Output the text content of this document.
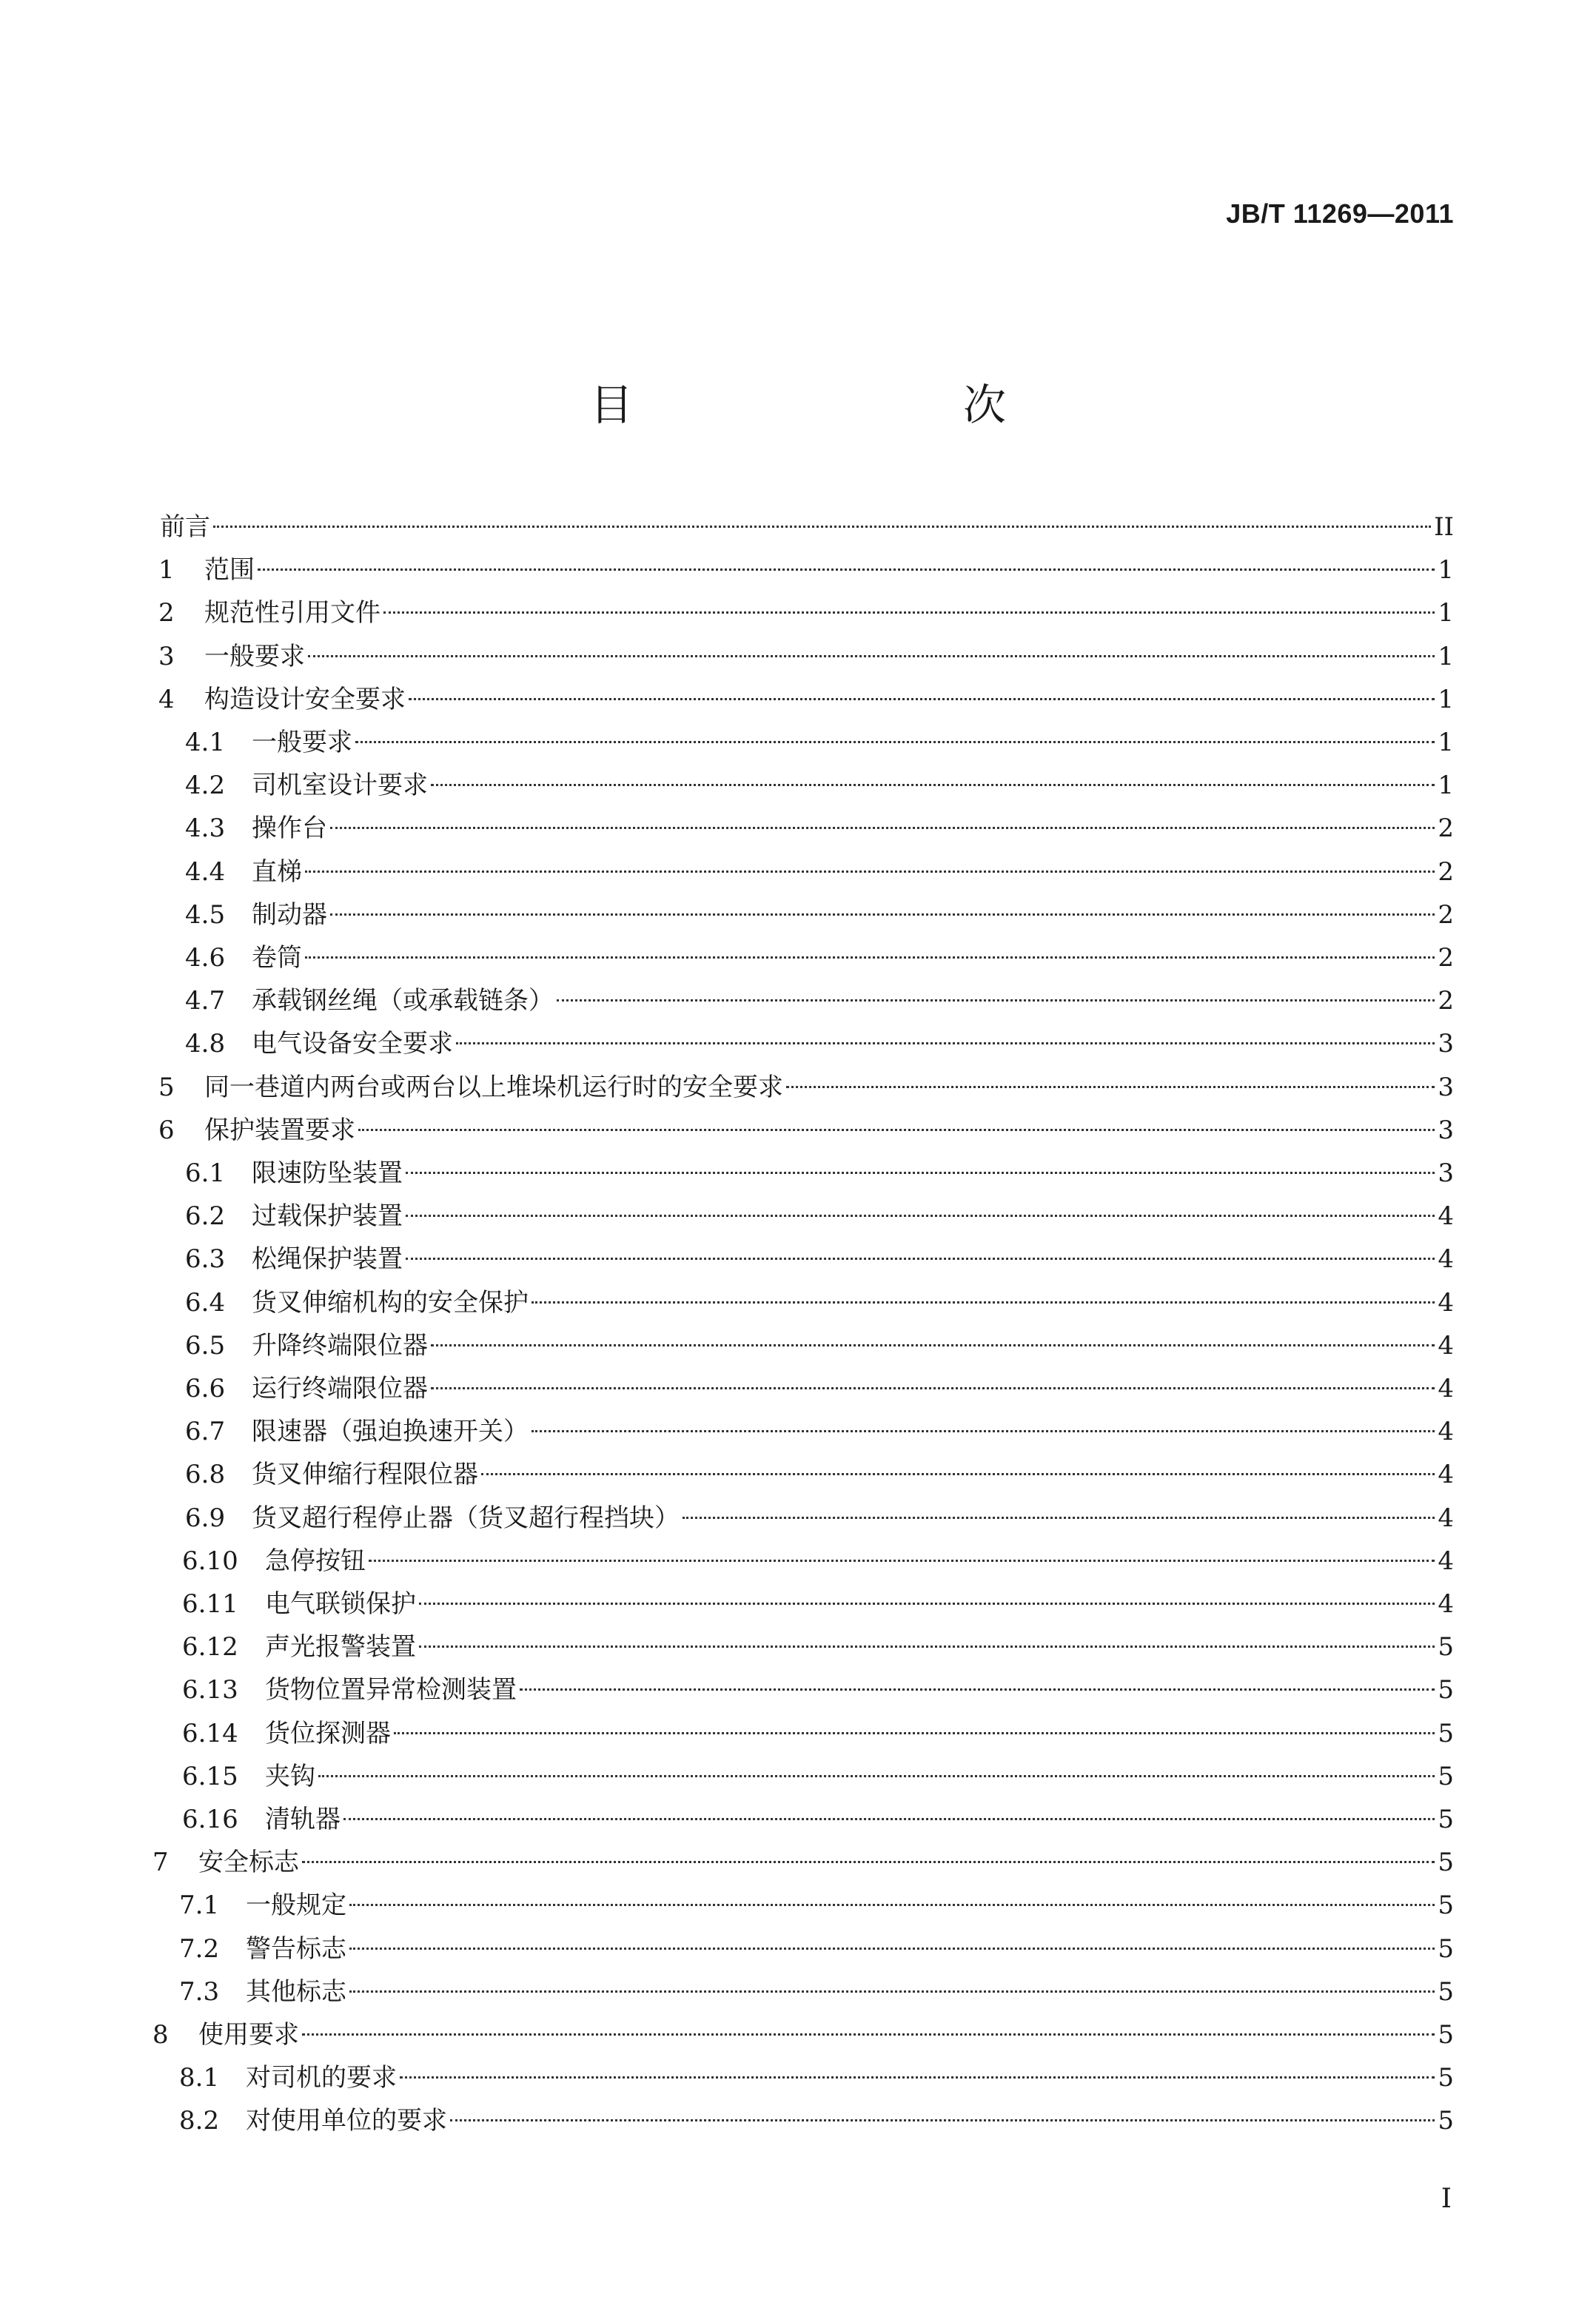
JB/T 11269—2011
目　　次
前言	II
1	范围	1
2	规范性引用文件	1
3	一般要求	1
4	构造设计安全要求	1
4.1	一般要求	1
4.2	司机室设计要求	1
4.3	操作台	2
4.4	直梯	2
4.5	制动器	2
4.6	卷筒	2
4.7	承载钢丝绳（或承载链条）	2
4.8	电气设备安全要求	3
5	同一巷道内两台或两台以上堆垛机运行时的安全要求	3
6	保护装置要求	3
6.1	限速防坠装置	3
6.2	过载保护装置	4
6.3	松绳保护装置	4
6.4	货叉伸缩机构的安全保护	4
6.5	升降终端限位器	4
6.6	运行终端限位器	4
6.7	限速器（强迫换速开关）	4
6.8	货叉伸缩行程限位器	4
6.9	货叉超行程停止器（货叉超行程挡块）	4
6.10	急停按钮	4
6.11	电气联锁保护	4
6.12	声光报警装置	5
6.13	货物位置异常检测装置	5
6.14	货位探测器	5
6.15	夹钩	5
6.16	清轨器	5
7	安全标志	5
7.1	一般规定	5
7.2	警告标志	5
7.3	其他标志	5
8	使用要求	5
8.1	对司机的要求	5
8.2	对使用单位的要求	5
I
